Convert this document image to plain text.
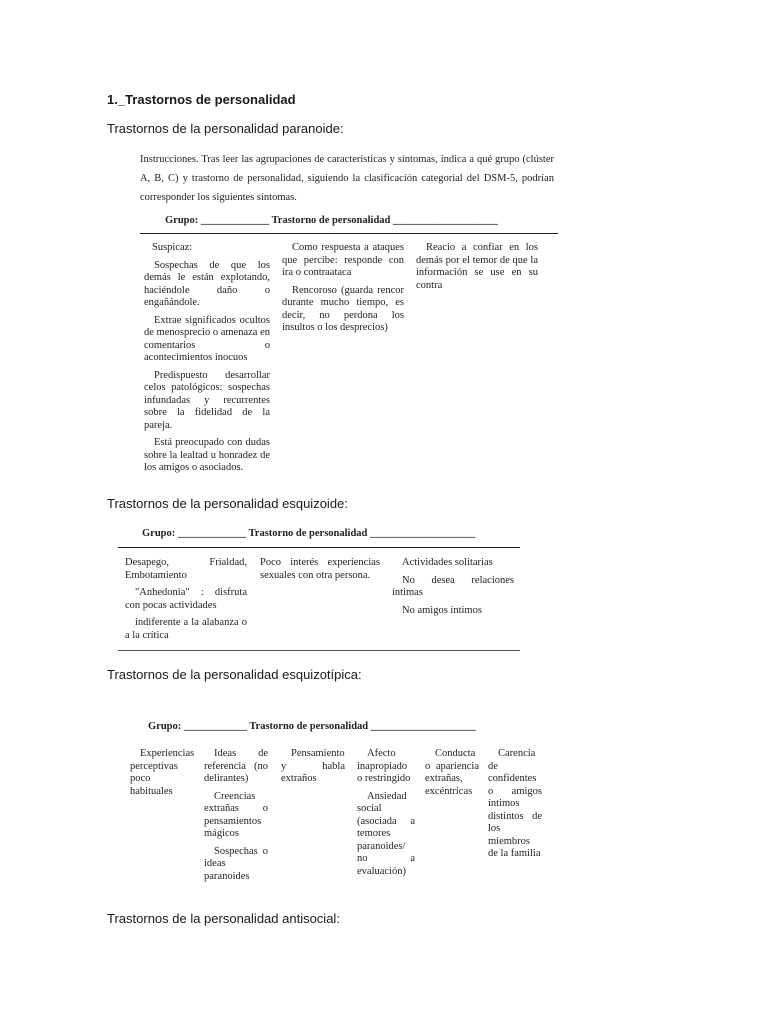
1._Trastornos de personalidad
Trastornos de la personalidad paranoide:
Instrucciones. Tras leer las agrupaciones de características y síntomas, indica a qué grupo (clúster A, B, C) y trastorno de personalidad, siguiendo la clasificación categorial del DSM-5, podrían corresponder los siguientes síntomas.
Grupo: _____________ Trastorno de personalidad ____________________

Suspicaz:

Sospechas de que los demás le están explotando, haciéndole daño o engañándole.

Extrae significados ocultos de menosprecio o amenaza en comentarios o acontecimientos inocuos

Predispuesto desarrollar celos patológicos: sospechas infundadas y recurrentes sobre la fidelidad de la pareja.

Está preocupado con dudas sobre la lealtad u honradez de los amigos o asociados.

Como respuesta a ataques que percibe: responde con ira o contraataca

Rencoroso (guarda rencor durante mucho tiempo, es decir, no perdona los insultos o los desprecios)

Reacio a confiar en los demás por el temor de que la información se use en su contra

Trastornos de la personalidad esquizoide:
Grupo: _____________ Trastorno de personalidad ____________________

Desapego, Frialdad, Embotamiento

"Anhedonia" : disfruta con pocas actividades

indiferente a la alabanza o a la crítica

Poco interés experiencias sexuales con otra persona.

Actividades solitarias

No desea relaciones íntimas

No amigos íntimos

Trastornos de la personalidad esquizotípica:
Grupo: ____________ Trastorno de personalidad ____________________

Experiencias perceptivas poco habituales

Ideas de referencia (no delirantes)

Creencias extrañas o pensamientos mágicos

Sospechas o ideas paranoides

Pensamiento y habla extraños

Afecto inapropiado o restringido

Ansiedad social (asociada a temores paranoides/ no a evaluación)

Conducta o apariencia extrañas, excéntricas

Carencia de confidentes o amigos íntimos distintos de los miembros de la familia

Trastornos de la personalidad antisocial:
